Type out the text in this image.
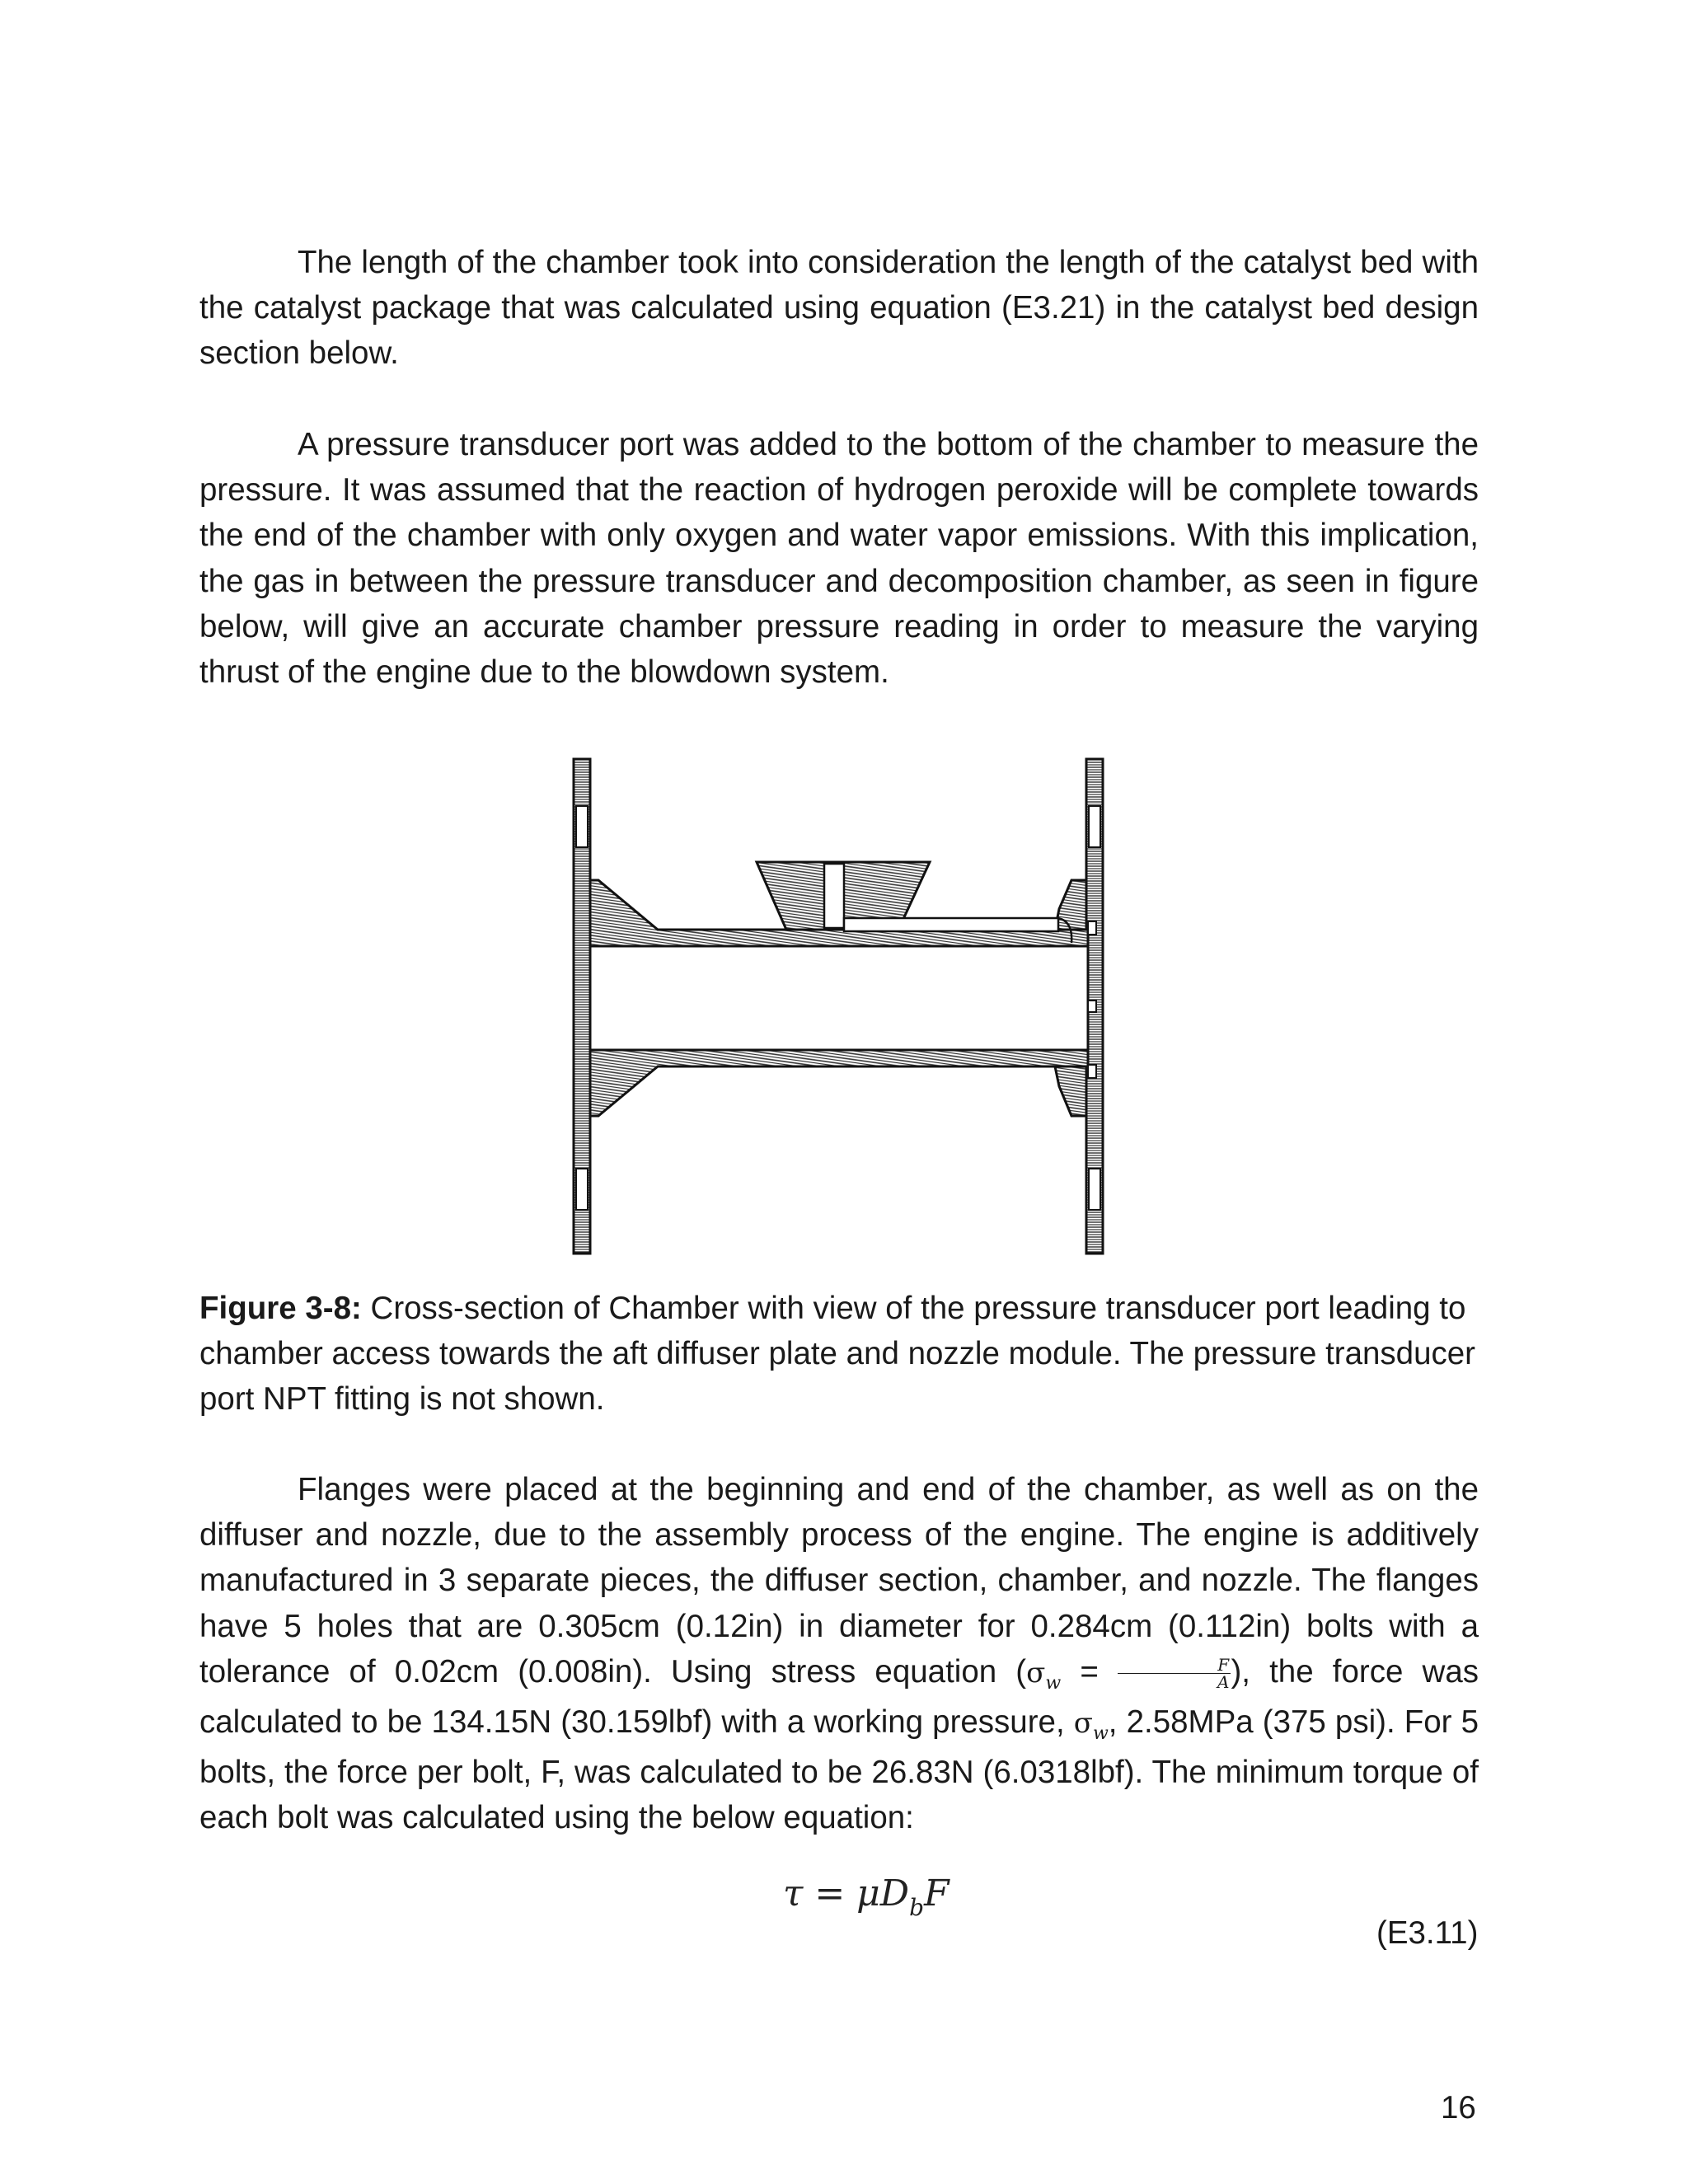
The length of the chamber took into consideration the length of the catalyst bed with the catalyst package that was calculated using equation (E3.21) in the catalyst bed design section below.

A pressure transducer port was added to the bottom of the chamber to measure the pressure. It was assumed that the reaction of hydrogen peroxide will be complete towards the end of the chamber with only oxygen and water vapor emissions. With this implication, the gas in between the pressure transducer and decomposition chamber, as seen in figure below, will give an accurate chamber pressure reading in order to measure the varying thrust of the engine due to the blowdown system.

Figure 3-8: Cross-section of Chamber with view of the pressure transducer port leading to chamber access towards the aft diffuser plate and nozzle module. The pressure transducer port NPT fitting is not shown.

Flanges were placed at the beginning and end of the chamber, as well as on the diffuser and nozzle, due to the assembly process of the engine. The engine is additively manufactured in 3 separate pieces, the diffuser section, chamber, and nozzle. The flanges have 5 holes that are 0.305cm (0.12in) in diameter for 0.284cm (0.112in) bolts with a tolerance of 0.02cm (0.008in). Using stress equation ($\sigma_w = \frac{F}{A}$ ), the force was calculated to be 134.15N (30.159lbf) with a working pressure, $\sigma_w$, 2.58MPa (375 psi). For 5 bolts, the force per bolt, F, was calculated to be 26.83N (6.0318lbf). The minimum torque of each bolt was calculated using the below equation:

$\tau = \mu D_bF$
(E3.11)
16
